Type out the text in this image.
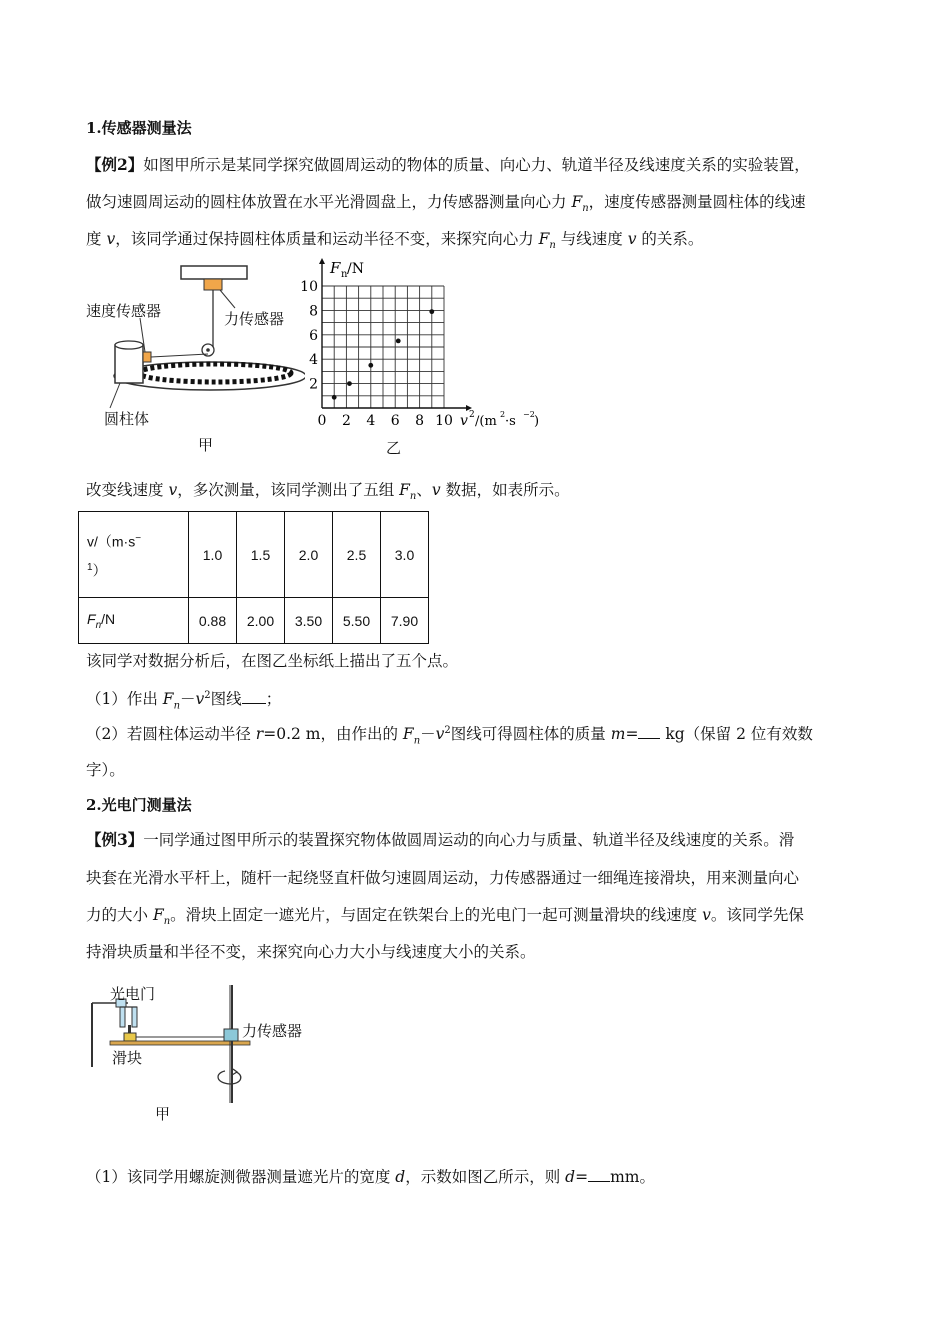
1.传感器测量法
【例2】如图甲所示是某同学探究做圆周运动的物体的质量、向心力、轨道半径及线速度关系的实验装置，
做匀速圆周运动的圆柱体放置在水平光滑圆盘上，力传感器测量向心力 $F_n$，速度传感器测量圆柱体的线速
度 v，该同学通过保持圆柱体质量和运动半径不变，来探究向心力 $F_n$ 与线速度 v 的关系。
速度传感器	力传感器
圆柱体
甲
0 2 4 6 8 10
2
4
6
8
10
F n /N
v 2 /(m 2 ·s −2 )
乙
改变线速度 v，多次测量，该同学测出了五组 $F_n$、v 数据，如表所示。
v/（m·s−
$^1$）	1.0	1.5	2.0	2.5	3.0
$F_n/N$	0.88	2.00	3.50	5.50	7.90
该同学对数据分析后，在图乙坐标纸上描出了五个点。
（1）作出 $F_n-v^2$图线 ；
（2）若圆柱体运动半径 r=0.2 m，由作出的 $F_n-v^2$图线可得圆柱体的质量 m= kg（保留 2 位有效数
字）。
2.光电门测量法
【例3】一同学通过图甲所示的装置探究物体做圆周运动的向心力与质量、轨道半径及线速度的关系。滑
块套在光滑水平杆上，随杆一起绕竖直杆做匀速圆周运动，力传感器通过一细绳连接滑块，用来测量向心
力的大小 $F_n$。滑块上固定一遮光片，与固定在铁架台上的光电门一起可测量滑块的线速度 v。该同学先保
持滑块质量和半径不变，来探究向心力大小与线速度大小的关系。
光电门
力传感器
滑块
甲
（1）该同学用螺旋测微器测量遮光片的宽度 d，示数如图乙所示，则 d= mm。
